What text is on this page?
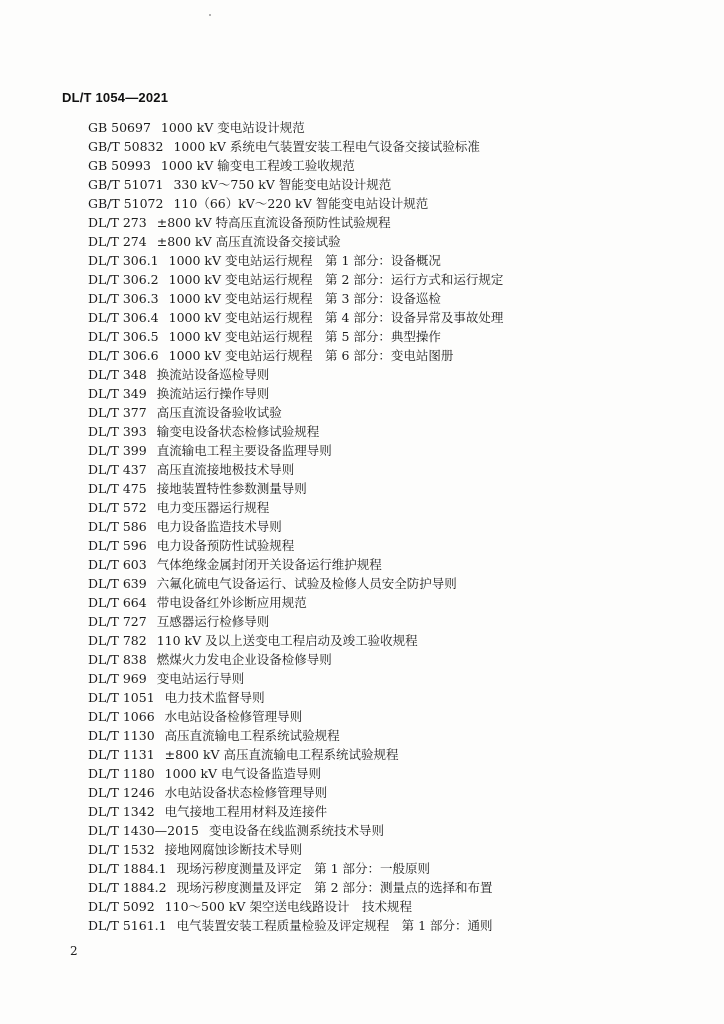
DL/T 1054—2021
GB 50697 1000 kV 变电站设计规范
GB/T 50832 1000 kV 系统电气装置安装工程电气设备交接试验标准
GB 50993 1000 kV 输变电工程竣工验收规范
GB/T 51071 330 kV～750 kV 智能变电站设计规范
GB/T 51072 110（66）kV～220 kV 智能变电站设计规范
DL/T 273 ±800 kV 特高压直流设备预防性试验规程
DL/T 274 ±800 kV 高压直流设备交接试验
DL/T 306.1 1000 kV 变电站运行规程　第 1 部分：设备概况
DL/T 306.2 1000 kV 变电站运行规程　第 2 部分：运行方式和运行规定
DL/T 306.3 1000 kV 变电站运行规程　第 3 部分：设备巡检
DL/T 306.4 1000 kV 变电站运行规程　第 4 部分：设备异常及事故处理
DL/T 306.5 1000 kV 变电站运行规程　第 5 部分：典型操作
DL/T 306.6 1000 kV 变电站运行规程　第 6 部分：变电站图册
DL/T 348 换流站设备巡检导则
DL/T 349 换流站运行操作导则
DL/T 377 高压直流设备验收试验
DL/T 393 输变电设备状态检修试验规程
DL/T 399 直流输电工程主要设备监理导则
DL/T 437 高压直流接地极技术导则
DL/T 475 接地装置特性参数测量导则
DL/T 572 电力变压器运行规程
DL/T 586 电力设备监造技术导则
DL/T 596 电力设备预防性试验规程
DL/T 603 气体绝缘金属封闭开关设备运行维护规程
DL/T 639 六氟化硫电气设备运行、试验及检修人员安全防护导则
DL/T 664 带电设备红外诊断应用规范
DL/T 727 互感器运行检修导则
DL/T 782 110 kV 及以上送变电工程启动及竣工验收规程
DL/T 838 燃煤火力发电企业设备检修导则
DL/T 969 变电站运行导则
DL/T 1051 电力技术监督导则
DL/T 1066 水电站设备检修管理导则
DL/T 1130 高压直流输电工程系统试验规程
DL/T 1131 ±800 kV 高压直流输电工程系统试验规程
DL/T 1180 1000 kV 电气设备监造导则
DL/T 1246 水电站设备状态检修管理导则
DL/T 1342 电气接地工程用材料及连接件
DL/T 1430—2015 变电设备在线监测系统技术导则
DL/T 1532 接地网腐蚀诊断技术导则
DL/T 1884.1 现场污秽度测量及评定　第 1 部分：一般原则
DL/T 1884.2 现场污秽度测量及评定　第 2 部分：测量点的选择和布置
DL/T 5092 110～500 kV 架空送电线路设计　技术规程
DL/T 5161.1 电气装置安装工程质量检验及评定规程　第 1 部分：通则
2
